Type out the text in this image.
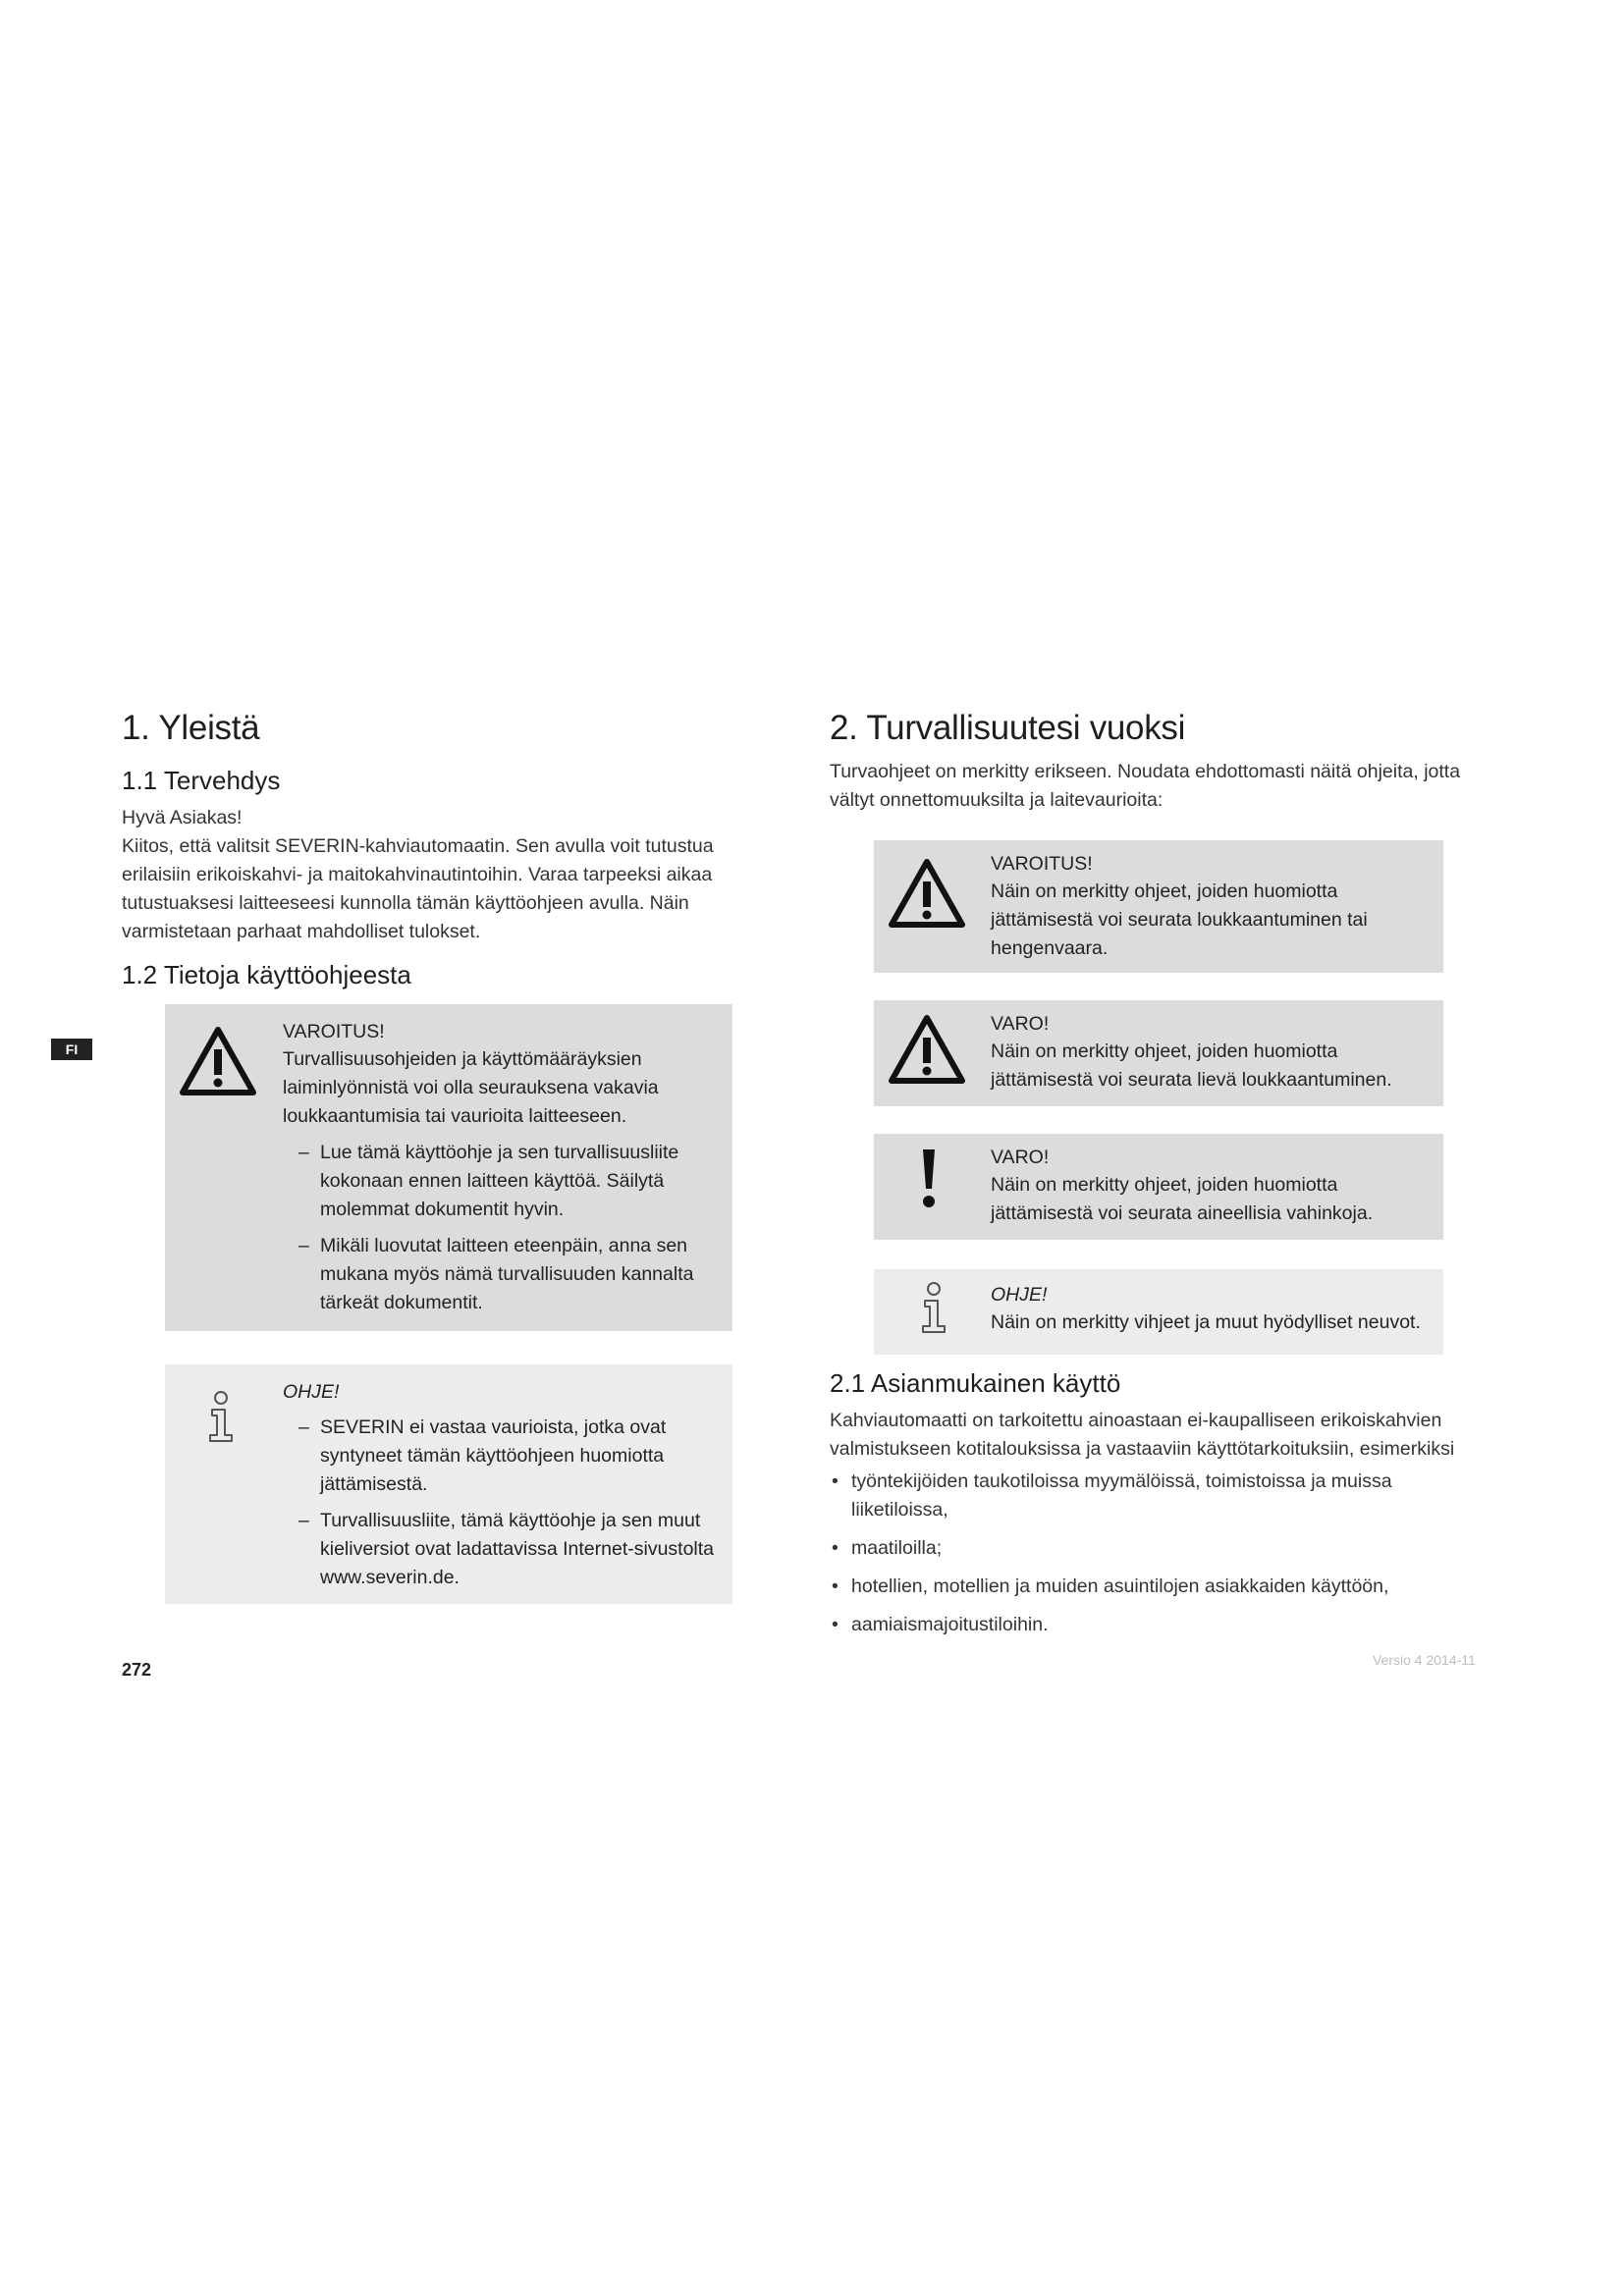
FI
1. Yleistä
1.1 Tervehdys

Hyvä Asiakas!

Kiitos, että valitsit SEVERIN-kahviautomaatin. Sen avulla voit tutustua erilaisiin erikoiskahvi- ja maitokahvinautintoihin. Varaa tarpeeksi aikaa tutustuaksesi laitteeseesi kunnolla tämän käyttöohjeen avulla. Näin varmistetaan parhaat mahdolliset tulokset.

1.2 Tietoja käyttöohjeesta
VAROITUS!
Turvallisuusohjeiden ja käyttömääräyksien laiminlyönnistä voi olla seurauksena vakavia loukkaantumisia tai vaurioita laitteeseen.
– Lue tämä käyttöohje ja sen turvallisuusliite kokonaan ennen laitteen käyttöä. Säilytä molemmat dokumentit hyvin.
– Mikäli luovutat laitteen eteenpäin, anna sen mukana myös nämä turvallisuuden kannalta tärkeät dokumentit.
OHJE!
– SEVERIN ei vastaa vaurioista, jotka ovat syntyneet tämän käyttöohjeen huomiotta jättämisestä.
– Turvallisuusliite, tämä käyttöohje ja sen muut kieliversiot ovat ladattavissa Internet-sivustolta www.severin.de.
2. Turvallisuutesi vuoksi

Turvaohjeet on merkitty erikseen. Noudata ehdottomasti näitä ohjeita, jotta vältyt onnettomuuksilta ja laitevaurioita:

VAROITUS!
Näin on merkitty ohjeet, joiden huomiotta jättämisestä voi seurata loukkaantuminen tai hengenvaara.
VARO!
Näin on merkitty ohjeet, joiden huomiotta jättämisestä voi seurata lievä loukkaantuminen.
VARO!
Näin on merkitty ohjeet, joiden huomiotta jättämisestä voi seurata aineellisia vahinkoja.
OHJE!
Näin on merkitty vihjeet ja muut hyödylliset neuvot.
2.1 Asianmukainen käyttö

Kahviautomaatti on tarkoitettu ainoastaan ei-kaupalliseen erikoiskahvien valmistukseen kotitalouksissa ja vastaaviin käyttötarkoituksiin, esimerkiksi

• työntekijöiden taukotiloissa myymälöissä, toimistoissa ja muissa liiketiloissa,
• maatiloilla;
• hotellien, motellien ja muiden asuintilojen asiakkaiden käyttöön,
• aamiaismajoitustiloihin.
272	Versio 4 2014-11
